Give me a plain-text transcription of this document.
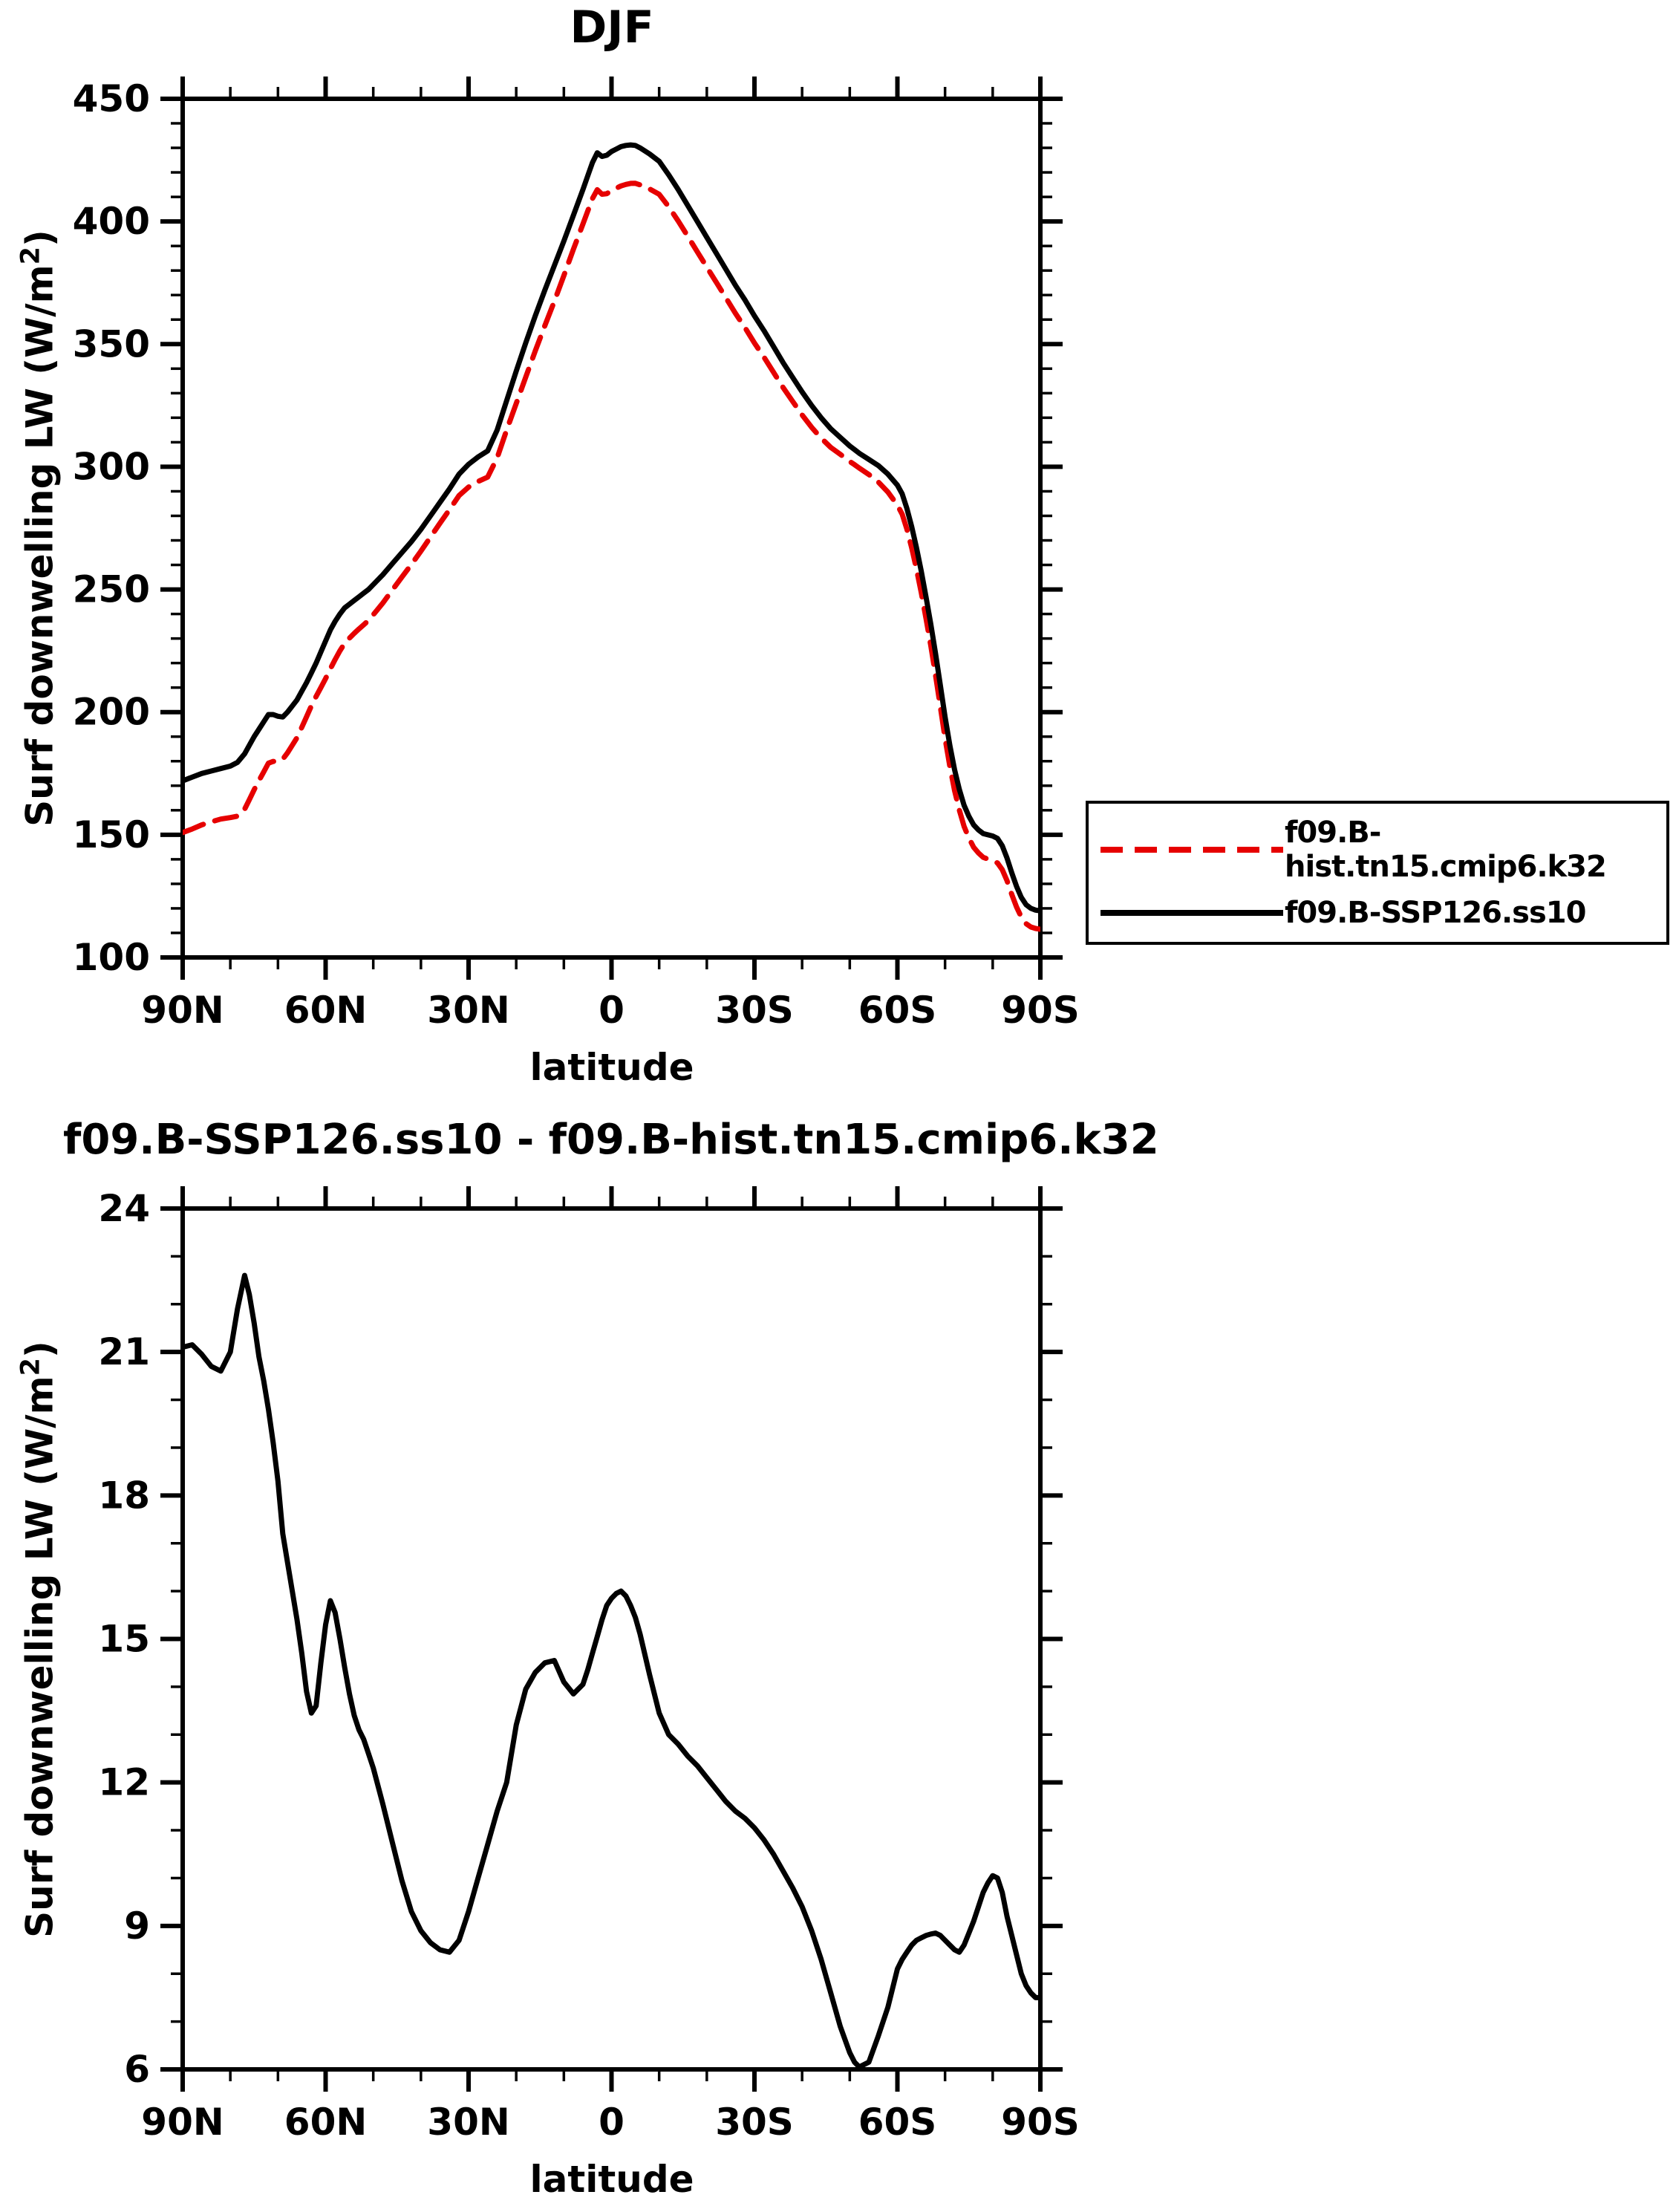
100
150
200
250
300
350
400
450
90N 60N 30N 0 30S 60S 90S
6
9
12
15
18
21
24
90N 60N 30N 0 30S 60S 90S
DJF
Surf downwelling LW $(W/m^2)$
latitude
f09.B-hist.tn15.cmip6.k32
f09.B-SSP126.ss10
f09.B-SSP126.ss10 - f09.B-hist.tn15.cmip6.k32
Surf downwelling LW $(W/m^2)$
latitude
